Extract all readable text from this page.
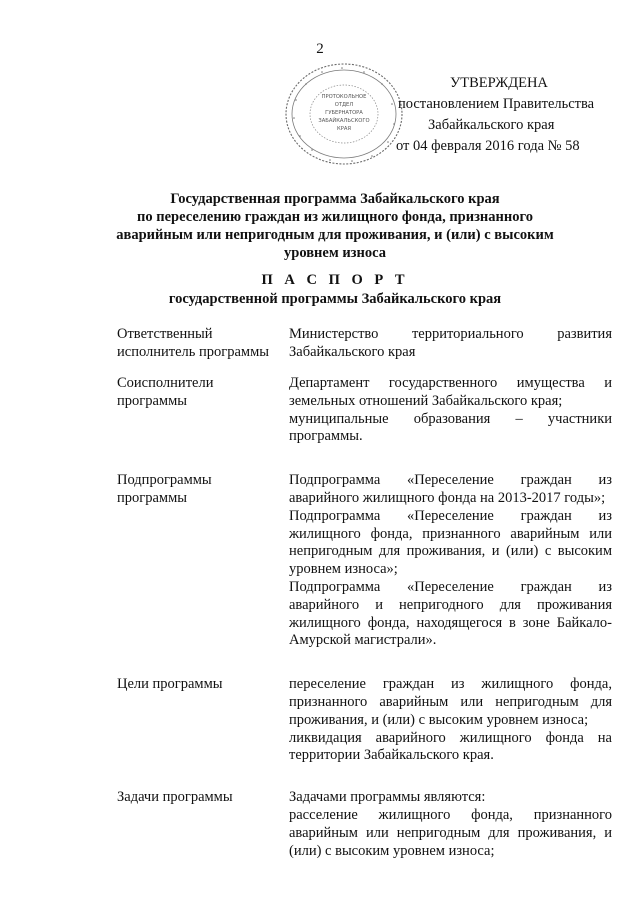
2
ПРОТОКОЛЬНОЕ
ОТДЕЛ
ГУБЕРНАТОРА
ЗАБАЙКАЛЬСКОГО
КРАЯ
УТВЕРЖДЕНА
постановлением Правительства
Забайкальского края
от 04 февраля 2016 года № 58
Государственная программа Забайкальского края
по переселению граждан из жилищного фонда, признанного
аварийным или непригодным для проживания, и (или) с высоким
уровнем износа
П А С П О Р Т
государственной программы Забайкальского края
Ответственный
исполнитель программы

Министерство территориального развития Забайкальского края

Соисполнители
программы

Департамент государственного имущества и земельных отношений Забайкальского края;

муниципальные образования – участники программы.

Подпрограммы
программы

Подпрограмма «Переселение граждан из аварийного жилищного фонда на 2013-2017 годы»;

Подпрограмма «Переселение граждан из жилищного фонда, признанного аварийным или непригодным для проживания, и (или) с высоким уровнем износа»;

Подпрограмма «Переселение граждан из аварийного и непригодного для проживания жилищного фонда, находящегося в зоне Байкало-Амурской магистрали».

Цели программы	переселение граждан из жилищного фонда, признанного аварийным или непригодным для проживания, и (или) с высоким уровнем износа;

ликвидация аварийного жилищного фонда на территории Забайкальского края.

Задачи программы	Задачами программы являются:

расселение жилищного фонда, признанного аварийным или непригодным для проживания, и (или) с высоким уровнем износа;
